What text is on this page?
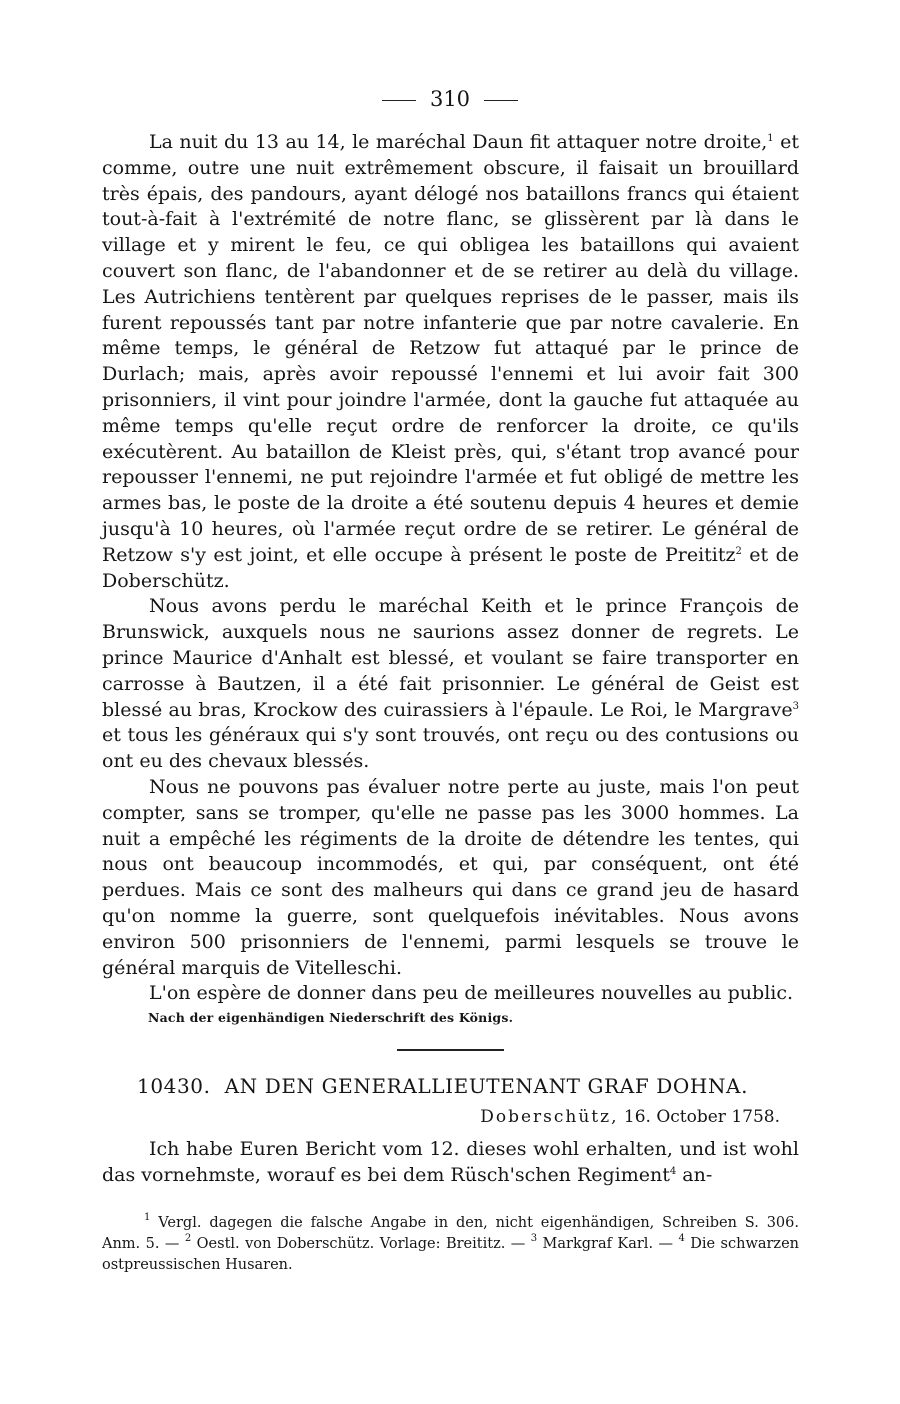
310

La nuit du 13 au 14, le maréchal Daun fit attaquer notre droite,$^1$ et comme, outre une nuit extrêmement obscure, il faisait un brouillard très épais, des pandours, ayant délogé nos bataillons francs qui étaient tout-à-fait à l'extrémité de notre flanc, se glissèrent par là dans le village et y mirent le feu, ce qui obligea les bataillons qui avaient couvert son flanc, de l'abandonner et de se retirer au delà du village. Les Autrichiens tentèrent par quelques reprises de le passer, mais ils furent repoussés tant par notre infanterie que par notre cavalerie. En même temps, le général de Retzow fut attaqué par le prince de Durlach; mais, après avoir repoussé l'ennemi et lui avoir fait 300 prisonniers, il vint pour joindre l'armée, dont la gauche fut attaquée au même temps qu'elle reçut ordre de renforcer la droite, ce qu'ils exécutèrent. Au bataillon de Kleist près, qui, s'étant trop avancé pour repousser l'ennemi, ne put rejoindre l'armée et fut obligé de mettre les armes bas, le poste de la droite a été soutenu depuis 4 heures et demie jusqu'à 10 heures, où l'armée reçut ordre de se retirer. Le général de Retzow s'y est joint, et elle occupe à présent le poste de Preititz$^2$ et de Doberschütz.

Nous avons perdu le maréchal Keith et le prince François de Brunswick, auxquels nous ne saurions assez donner de regrets. Le prince Maurice d'Anhalt est blessé, et voulant se faire transporter en carrosse à Bautzen, il a été fait prisonnier. Le général de Geist est blessé au bras, Krockow des cuirassiers à l'épaule. Le Roi, le Margrave$^3$ et tous les généraux qui s'y sont trouvés, ont reçu ou des contusions ou ont eu des chevaux blessés.

Nous ne pouvons pas évaluer notre perte au juste, mais l'on peut compter, sans se tromper, qu'elle ne passe pas les 3000 hommes. La nuit a empêché les régiments de la droite de détendre les tentes, qui nous ont beaucoup incommodés, et qui, par conséquent, ont été perdues. Mais ce sont des malheurs qui dans ce grand jeu de hasard qu'on nomme la guerre, sont quelquefois inévitables. Nous avons environ 500 prisonniers de l'ennemi, parmi lesquels se trouve le général marquis de Vitelleschi.

L'on espère de donner dans peu de meilleures nouvelles au public.

Nach der eigenhändigen Niederschrift des Königs.
10430. AN DEN GENERALLIEUTENANT GRAF DOHNA.
Doberschütz, 16. October 1758.

Ich habe Euren Bericht vom 12. dieses wohl erhalten, und ist wohl das vornehmste, worauf es bei dem Rüsch'schen Regiment$^4$ an-

$^1$ Vergl. dagegen die falsche Angabe in den, nicht eigenhändigen, Schreiben S. 306. Anm. 5. — $^2$ Oestl. von Doberschütz. Vorlage: Breititz. — $^3$ Markgraf Karl. — $^4$ Die schwarzen ostpreussischen Husaren.
